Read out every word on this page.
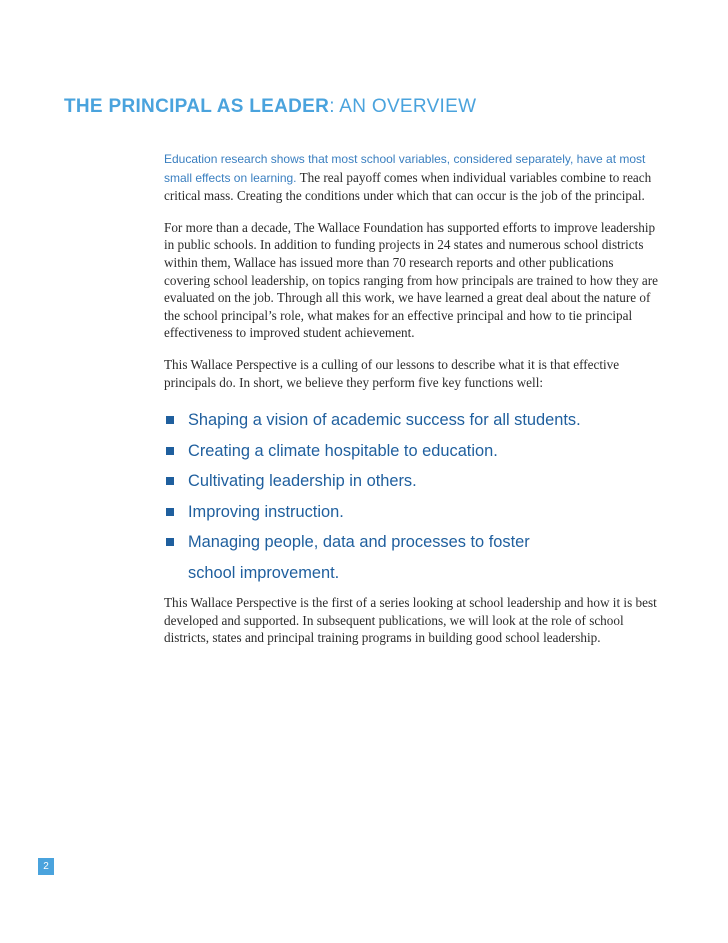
THE PRINCIPAL AS LEADER: AN OVERVIEW

Education research shows that most school variables, considered separately, have at most small effects on learning. The real payoff comes when individual variables combine to reach critical mass. Creating the conditions under which that can occur is the job of the principal.

For more than a decade, The Wallace Foundation has supported efforts to improve leadership in public schools. In addition to funding projects in 24 states and numerous school districts within them, Wallace has issued more than 70 research reports and other publications covering school leadership, on topics ranging from how principals are trained to how they are evaluated on the job. Through all this work, we have learned a great deal about the nature of the school principal’s role, what makes for an effective principal and how to tie principal effectiveness to improved student achievement.

This Wallace Perspective is a culling of our lessons to describe what it is that effective principals do. In short, we believe they perform five key functions well:

Shaping a vision of academic success for all students.
Creating a climate hospitable to education.
Cultivating leadership in others.
Improving instruction.
Managing people, data and processes to foster
school improvement.

This Wallace Perspective is the first of a series looking at school leadership and how it is best developed and supported. In subsequent publications, we will look at the role of school districts, states and principal training programs in building good school leadership.

2
